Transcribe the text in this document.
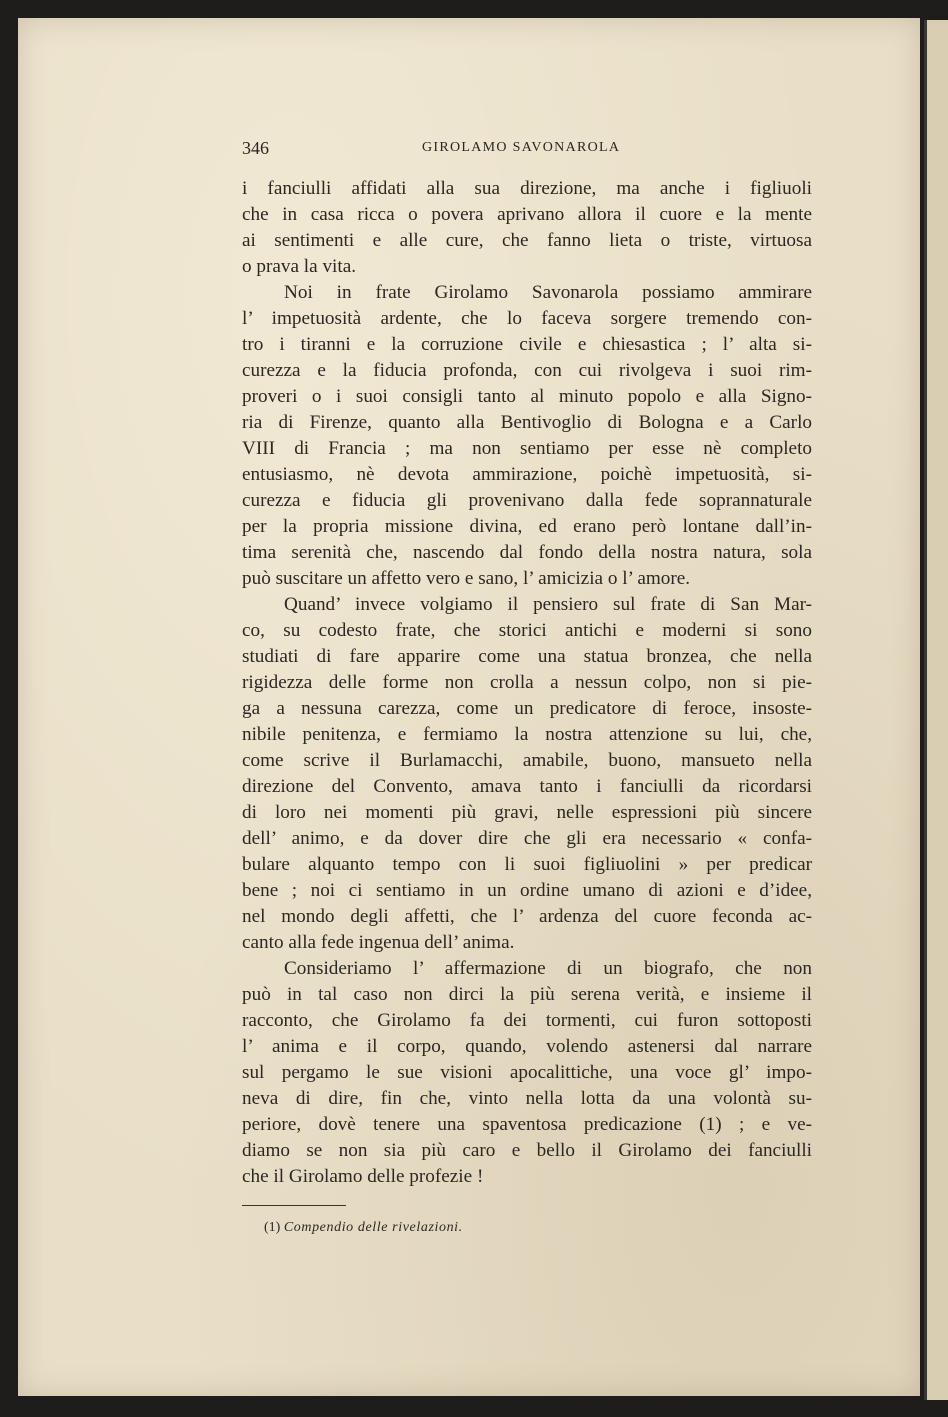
346	GIROLAMO SAVONAROLA
i fanciulli affidati alla sua direzione, ma anche i figliuoli
che in casa ricca o povera aprivano allora il cuore e la mente
ai sentimenti e alle cure, che fanno lieta o triste, virtuosa
o prava la vita.
Noi in frate Girolamo Savonarola possiamo ammirare
l’ impetuosità ardente, che lo faceva sorgere tremendo con-
tro i tiranni e la corruzione civile e chiesastica ; l’ alta si-
curezza e la fiducia profonda, con cui rivolgeva i suoi rim-
proveri o i suoi consigli tanto al minuto popolo e alla Signo-
ria di Firenze, quanto alla Bentivoglio di Bologna e a Carlo
VIII di Francia ; ma non sentiamo per esse nè completo
entusiasmo, nè devota ammirazione, poichè impetuosità, si-
curezza e fiducia gli provenivano dalla fede soprannaturale
per la propria missione divina, ed erano però lontane dall’in-
tima serenità che, nascendo dal fondo della nostra natura, sola
può suscitare un affetto vero e sano, l’ amicizia o l’ amore.
Quand’ invece volgiamo il pensiero sul frate di San Mar-
co, su codesto frate, che storici antichi e moderni si sono
studiati di fare apparire come una statua bronzea, che nella
rigidezza delle forme non crolla a nessun colpo, non si pie-
ga a nessuna carezza, come un predicatore di feroce, insoste-
nibile penitenza, e fermiamo la nostra attenzione su lui, che,
come scrive il Burlamacchi, amabile, buono, mansueto nella
direzione del Convento, amava tanto i fanciulli da ricordarsi
di loro nei momenti più gravi, nelle espressioni più sincere
dell’ animo, e da dover dire che gli era necessario « confa-
bulare alquanto tempo con li suoi figliuolini » per predicar
bene ; noi ci sentiamo in un ordine umano di azioni e d’idee,
nel mondo degli affetti, che l’ ardenza del cuore feconda ac-
canto alla fede ingenua dell’ anima.
Consideriamo l’ affermazione di un biografo, che non
può in tal caso non dirci la più serena verità, e insieme il
racconto, che Girolamo fa dei tormenti, cui furon sottoposti
l’ anima e il corpo, quando, volendo astenersi dal narrare
sul pergamo le sue visioni apocalittiche, una voce gl’ impo-
neva di dire, fin che, vinto nella lotta da una volontà su-
periore, dovè tenere una spaventosa predicazione (1) ; e ve-
diamo se non sia più caro e bello il Girolamo dei fanciulli
che il Girolamo delle profezie !
(1) Compendio delle rivelazioni.
